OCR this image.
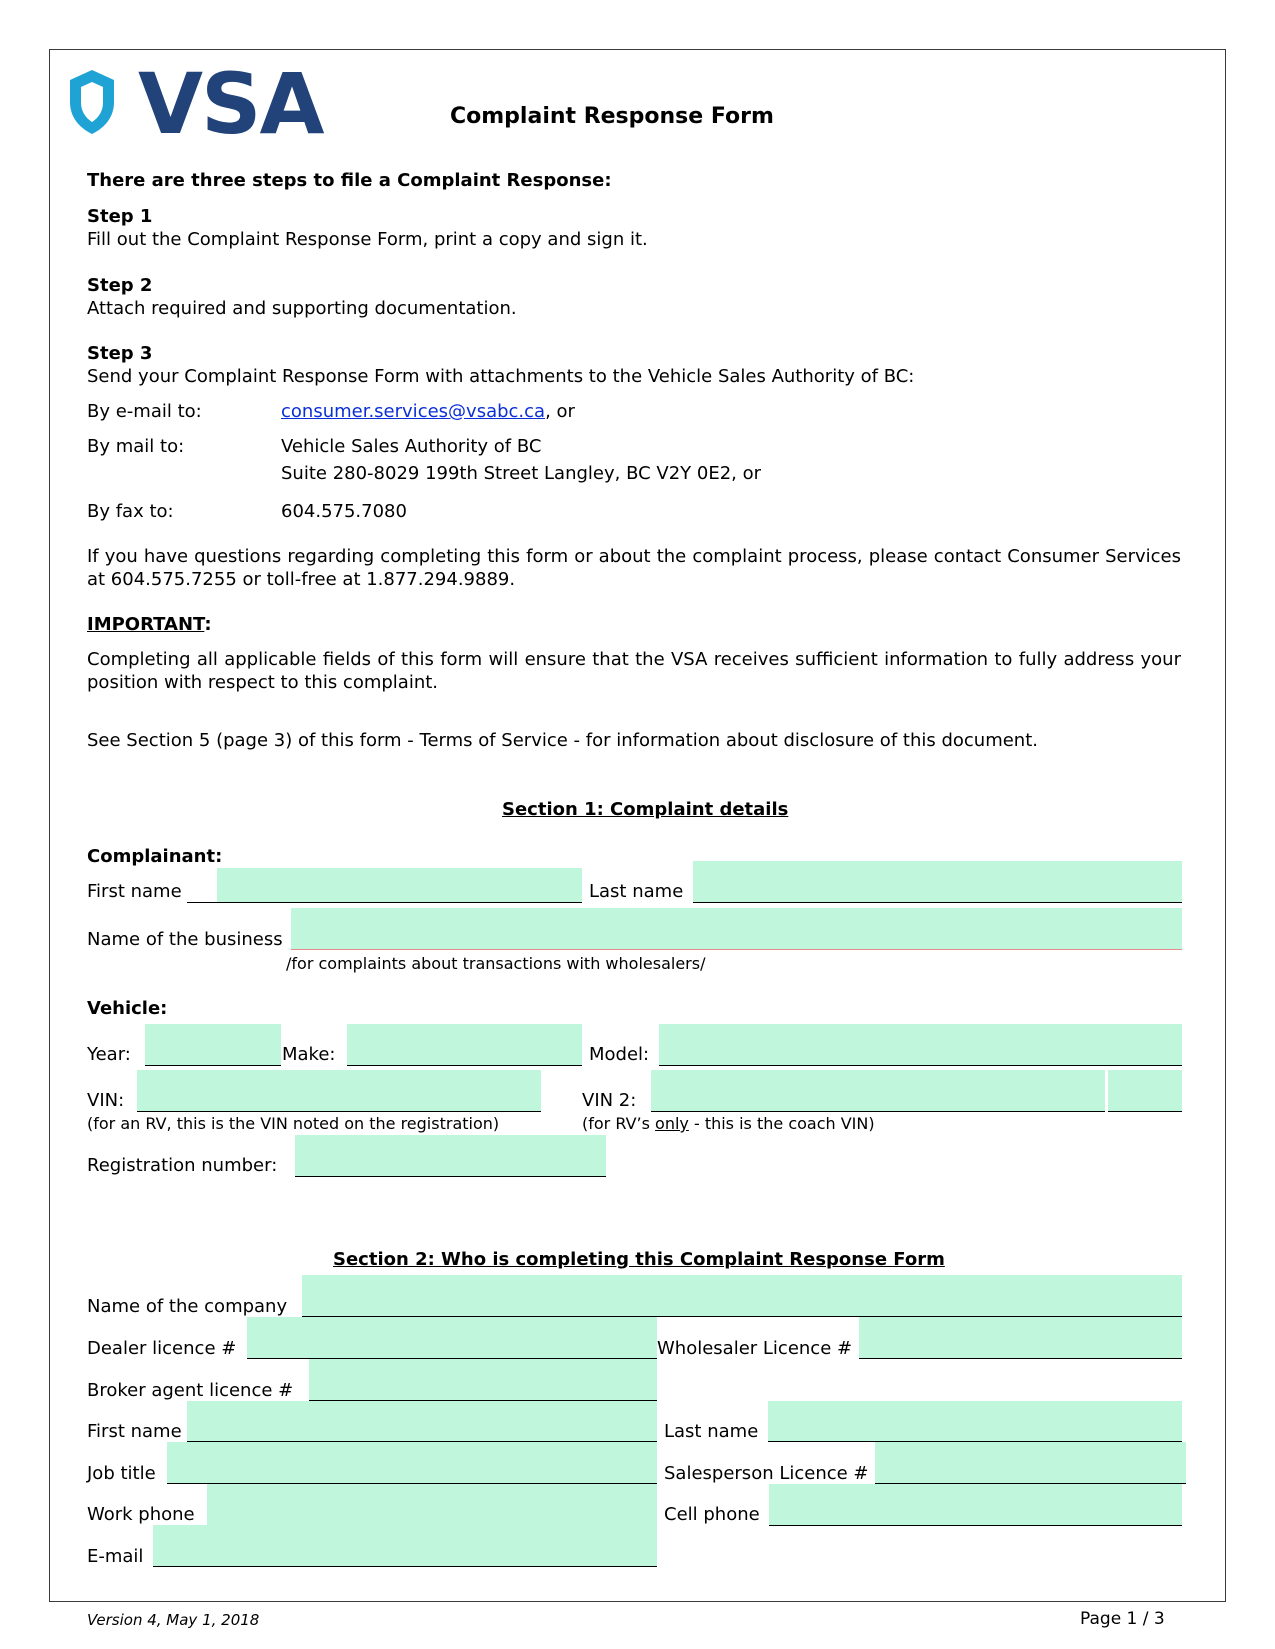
VSA	Complaint Response Form
There are three steps to file a Complaint Response:
Step 1
Fill out the Complaint Response Form, print a copy and sign it.
Step 2
Attach required and supporting documentation.
Step 3
Send your Complaint Response Form with attachments to the Vehicle Sales Authority of BC:
By e-mail to:	consumer.services@vsabc.ca, or
By mail to:	Vehicle Sales Authority of BC
Suite 280-8029 199th Street Langley, BC V2Y 0E2, or
By fax to:	604.575.7080
If you have questions regarding completing this form or about the complaint process, please contact Consumer Services at 604.575.7255 or toll-free at 1.877.294.9889.
IMPORTANT:
Completing all applicable fields of this form will ensure that the VSA receives sufficient information to fully address your position with respect to this complaint.
See Section 5 (page 3) of this form - Terms of Service - for information about disclosure of this document.
Section 1: Complaint details
Complainant:
First name	Last name
Name of the business
/for complaints about transactions with wholesalers/
Vehicle:
Year:	Make:	Model:
VIN:
(for an RV, this is the VIN noted on the registration)
VIN 2:
(for RV’s only - this is the coach VIN)
Registration number:
Section 2: Who is completing this Complaint Response Form
Name of the company
Dealer licence #	Wholesaler Licence #
Broker agent licence #
First name	Last name
Job title	Salesperson Licence #
Work phone	Cell phone
E-mail
Version 4, May 1, 2018	Page 1 / 3
